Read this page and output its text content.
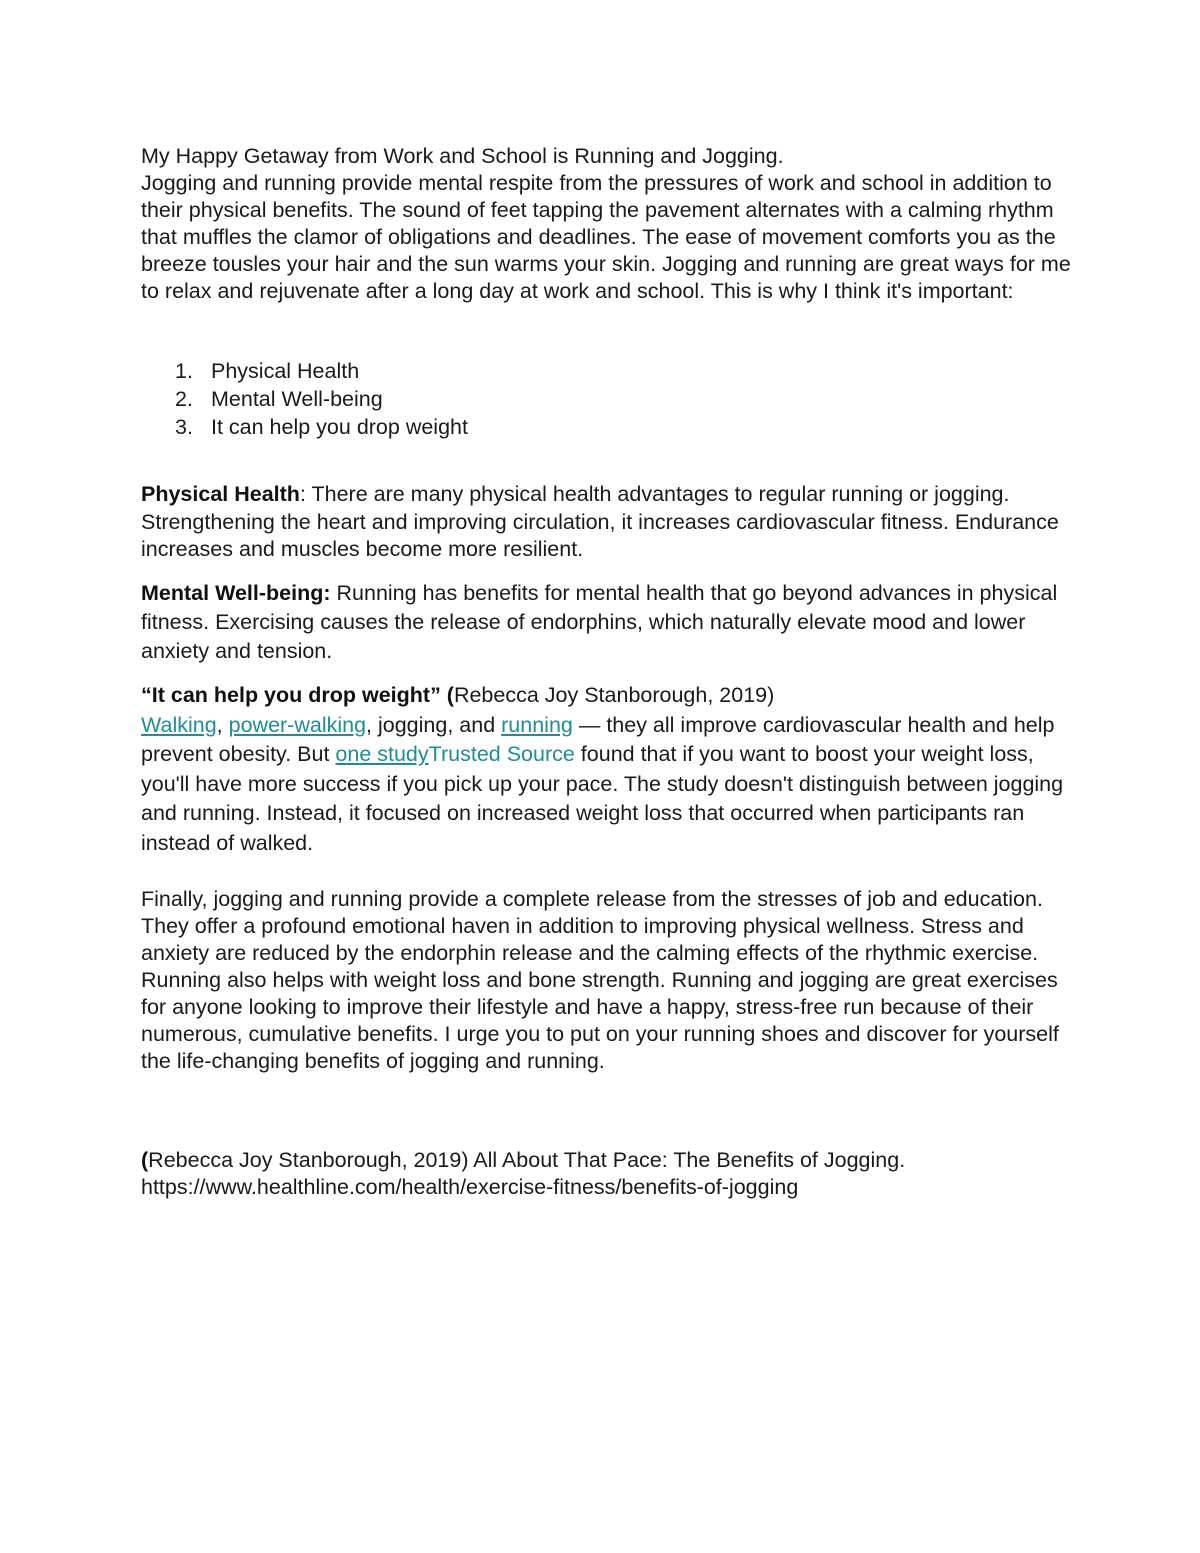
My Happy Getaway from Work and School is Running and Jogging.

Jogging and running provide mental respite from the pressures of work and school in addition to their physical benefits. The sound of feet tapping the pavement alternates with a calming rhythm that muffles the clamor of obligations and deadlines. The ease of movement comforts you as the breeze tousles your hair and the sun warms your skin. Jogging and running are great ways for me to relax and rejuvenate after a long day at work and school. This is why I think it's important:

1. Physical Health
2. Mental Well-being
3. It can help you drop weight

Physical Health: There are many physical health advantages to regular running or jogging. Strengthening the heart and improving circulation, it increases cardiovascular fitness. Endurance increases and muscles become more resilient.

Mental Well-being: Running has benefits for mental health that go beyond advances in physical fitness. Exercising causes the release of endorphins, which naturally elevate mood and lower anxiety and tension.

“It can help you drop weight” (Rebecca Joy Stanborough, 2019)

Walking, power-walking, jogging, and running — they all improve cardiovascular health and help prevent obesity. But one studyTrusted Source found that if you want to boost your weight loss, you'll have more success if you pick up your pace. The study doesn't distinguish between jogging and running. Instead, it focused on increased weight loss that occurred when participants ran instead of walked.

Finally, jogging and running provide a complete release from the stresses of job and education. They offer a profound emotional haven in addition to improving physical wellness. Stress and anxiety are reduced by the endorphin release and the calming effects of the rhythmic exercise. Running also helps with weight loss and bone strength. Running and jogging are great exercises for anyone looking to improve their lifestyle and have a happy, stress-free run because of their numerous, cumulative benefits. I urge you to put on your running shoes and discover for yourself the life-changing benefits of jogging and running.

(Rebecca Joy Stanborough, 2019) All About That Pace: The Benefits of Jogging.

https://www.healthline.com/health/exercise-fitness/benefits-of-jogging
